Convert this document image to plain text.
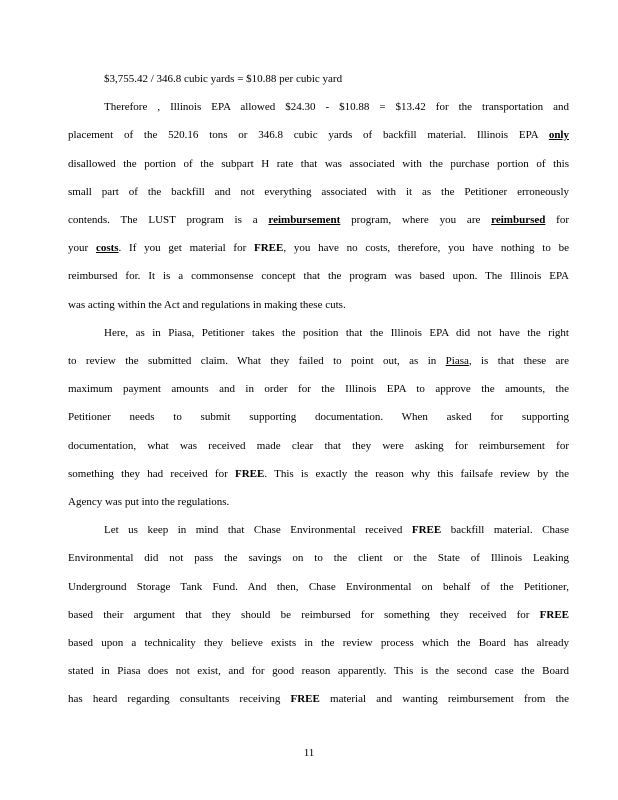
$3,755.42 / 346.8 cubic yards = $10.88 per cubic yard
Therefore , Illinois EPA allowed $24.30 - $10.88 = $13.42 for the transportation and
placement of the 520.16 tons or 346.8 cubic yards of backfill material. Illinois EPA only
disallowed the portion of the subpart H rate that was associated with the purchase portion of this
small part of the backfill and not everything associated with it as the Petitioner erroneously
contends. The LUST program is a reimbursement program, where you are reimbursed for
your costs. If you get material for FREE, you have no costs, therefore, you have nothing to be
reimbursed for. It is a commonsense concept that the program was based upon. The Illinois EPA
was acting within the Act and regulations in making these cuts.
Here, as in Piasa, Petitioner takes the position that the Illinois EPA did not have the right
to review the submitted claim. What they failed to point out, as in Piasa, is that these are
maximum payment amounts and in order for the Illinois EPA to approve the amounts, the
Petitioner needs to submit supporting documentation. When asked for supporting
documentation, what was received made clear that they were asking for reimbursement for
something they had received for FREE. This is exactly the reason why this failsafe review by the
Agency was put into the regulations.
Let us keep in mind that Chase Environmental received FREE backfill material. Chase
Environmental did not pass the savings on to the client or the State of Illinois Leaking
Underground Storage Tank Fund. And then, Chase Environmental on behalf of the Petitioner,
based their argument that they should be reimbursed for something they received for FREE
based upon a technicality they believe exists in the review process which the Board has already
stated in Piasa does not exist, and for good reason apparently. This is the second case the Board
has heard regarding consultants receiving FREE material and wanting reimbursement from the
11
